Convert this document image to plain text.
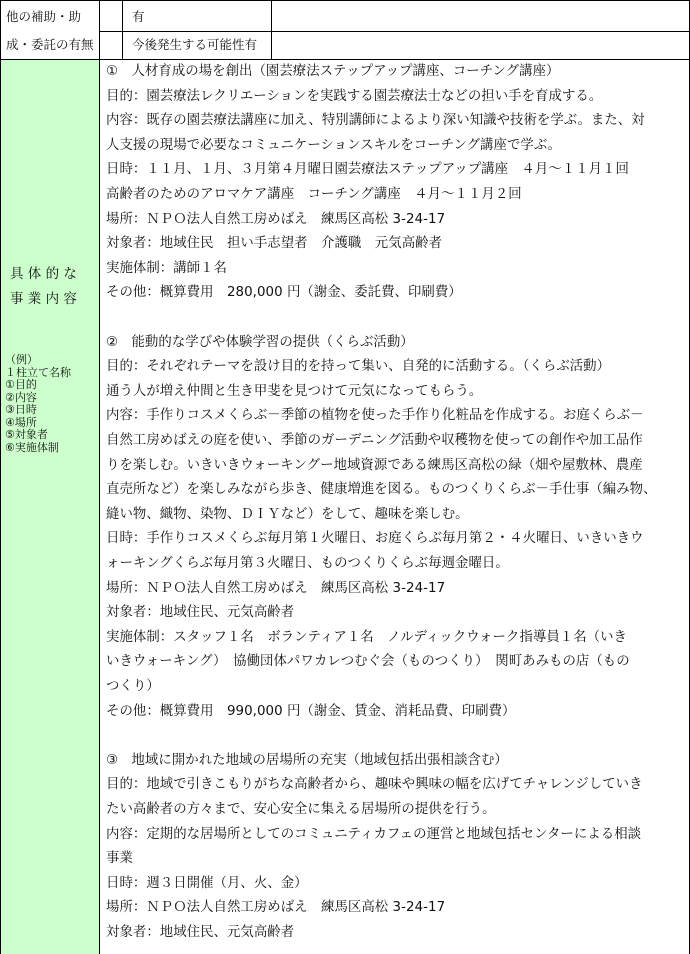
他の補助・助
成・委託の有無
有
今後発生する可能性有
具 体 的 な
事 業 内 容
（例）
１柱立て名称
①目的
②内容
③日時
④場所
⑤対象者
⑥実施体制
①　人材育成の場を創出（園芸療法ステップアップ講座、コーチング講座）
目的：園芸療法レクリエーションを実践する園芸療法士などの担い手を育成する。
内容：既存の園芸療法講座に加え、特別講師によるより深い知識や技術を学ぶ。また、対
人支援の現場で必要なコミュニケーションスキルをコーチング講座で学ぶ。
日時：１１月、１月、３月第４月曜日園芸療法ステップアップ講座　４月～１１月１回
高齢者のためのアロマケア講座　コーチング講座　４月～１１月２回
場所：ＮＰＯ法人自然工房めばえ　練馬区高松 3-24-17
対象者：地域住民　担い手志望者　介護職　元気高齢者
実施体制：講師１名
その他：概算費用　280,000 円（謝金、委託費、印刷費）
②　能動的な学びや体験学習の提供（くらぶ活動）
目的：それぞれテーマを設け目的を持って集い、自発的に活動する。（くらぶ活動）
通う人が増え仲間と生き甲斐を見つけて元気になってもらう。
内容：手作りコスメくらぶ－季節の植物を使った手作り化粧品を作成する。お庭くらぶ－
自然工房めばえの庭を使い、季節のガーデニング活動や収穫物を使っての創作や加工品作
りを楽しむ。いきいきウォーキングー地域資源である練馬区高松の緑（畑や屋敷林、農産
直売所など）を楽しみながら歩き、健康増進を図る。ものつくりくらぶ－手仕事（編み物、
縫い物、織物、染物、ＤＩＹなど）をして、趣味を楽しむ。
日時：手作りコスメくらぶ毎月第１火曜日、お庭くらぶ毎月第２・４火曜日、いきいきウ
ォーキングくらぶ毎月第３火曜日、ものつくりくらぶ毎週金曜日。
場所：ＮＰＯ法人自然工房めばえ　練馬区高松 3-24-17
対象者：地域住民、元気高齢者
実施体制：スタッフ１名　ボランティア１名　ノルディックウォーク指導員１名（いき
いきウォーキング）　協働団体パワカレつむぐ会（ものつくり）　関町あみもの店（もの
つくり）
その他：概算費用　990,000 円（謝金、賃金、消耗品費、印刷費）
③　地域に開かれた地域の居場所の充実（地域包括出張相談含む）
目的：地域で引きこもりがちな高齢者から、趣味や興味の幅を広げてチャレンジしていき
たい高齢者の方々まで、安心安全に集える居場所の提供を行う。
内容：定期的な居場所としてのコミュニティカフェの運営と地域包括センターによる相談
事業
日時：週３日開催（月、火、金）
場所：ＮＰＯ法人自然工房めばえ　練馬区高松 3-24-17
対象者：地域住民、元気高齢者
